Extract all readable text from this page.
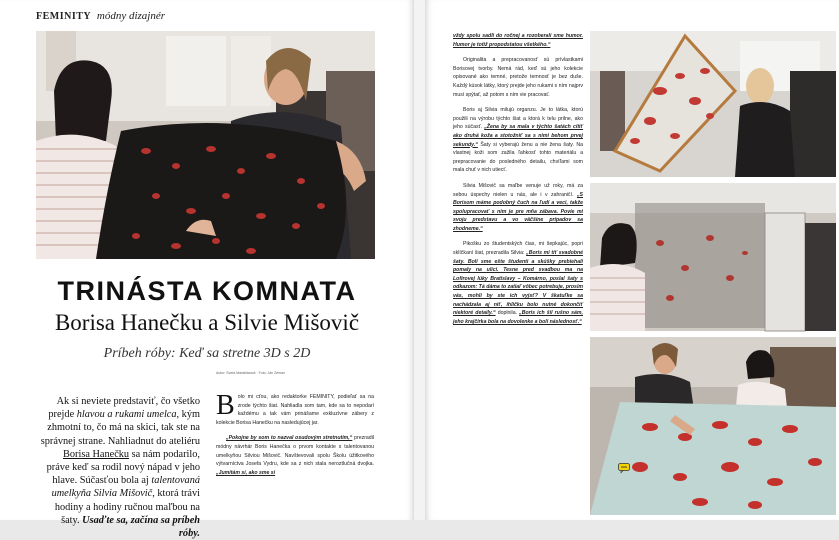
FEMINITY módny dizajnér
TRINÁSTA KOMNATA
Borisa Hanečku a Silvie Mišovič
Príbeh róby: Keď sa stretne 3D s 2D
Ak si neviete predstaviť, čo všetko prejde hlavou a rukami umelca, kým zhmotní to, čo má na skici, tak ste na správnej strane. Nahliadnut do ateliéru Borisa Hanečku sa nám podarilo, práve keď sa rodil nový nápad v jeho hlave. Súčasťou bola aj talentovaná umelkyňa Silvia Mišovič, ktorá trávi hodiny a hodiny ručnou maľbou na šaty. Usaďte sa, začína sa príbeh róby.
Autor: Sveta Maratidaová · Foto: Ján Zeman

Bolo mi cťou, ako redaktorke FEMINITY, podieľať sa na zrode týchto šiat. Nahliadla som tam, kde sa to nepodarí každému a tak vám prinášame exkluzívne zábery z kolekcie Borisa Hanečku na nasledujúcej jar.

„Pokojne by som to nazval osudovým stretnutím,“ prezradil módny návrhár Boris Hanečka o prvom kontakte s talentovanou umelkyňou Silviou Mišovič. Navštevovali spolu Školu úžitkového výtvarníctva Josefa Vydru, kde sa z nich stala neroztlučná dvojka. „Jumitám si, ako sme si

vždy spolu sadli do ročnej a rozoberali sme humor. Humor je totiž propodstatou všetkého.“

Originalita a prepracovanosť sú prívlastkami Borisovej tvorby. Nemá rád, keď sú jeho kolekcie opisované ako temné, pretože temnosť je bez duše. Každý kúsok látky, ktorý prejde jeho rukami s ním najprv musí spýtať, až potom s ním vie pracovať.

Boris aj Silvia milujú organzu. Je to látka, ktorú použili na výrobu týchto šiat a ktorá k telu prilne, ako jeho súčasť. „Žena by sa mala v týchto šatách cítiť ako druhá koža a stotožniť sa s nimi behom prvej sekundy.“ Šaty si vyberajú ženu a nie žena šaty. Na vlastnej koži som zažila ľahkosť tohto materiálu a prepracovanie do posledného detailu, chvíľami som mala chuť v nich utiecť.

Silvia Mišovič sa maľbe venuje už roky, má za sebou úspechy nielen u nás, ale i v zahraničí. „S Borisom máme podobný čuch na ľudí a veci, takže spolupracovať s ním je pre mňa zábava. Povie mi svoju predstavu a vo väčšine prípadov sa zhodneme.“

Pikošku zo študentských čias, mi šepkajúc, popri sklíčkaní šiat, prezradila Silvia: „Boris mi tiť svadobné šaty. Boli sme ešte študenti a skúšky prebiehali pomaly na ulici. Tesne pred svadbou ma na Lofirovej lúky Bratislavy – Komárno, poslal šaty s odkazom: Tá dáma to zatiaľ vôbec potrebuje, prosím vás, mohli by ste ich vyjsť? V škatuľke sa nachádzala aj niť, ihličku bolo nutné dokončiť niektoré detaily.“ doplnila. „Boris ich šil rušno sám, jeho krajčírka bola na dovolenke a bolí následnosť.“
